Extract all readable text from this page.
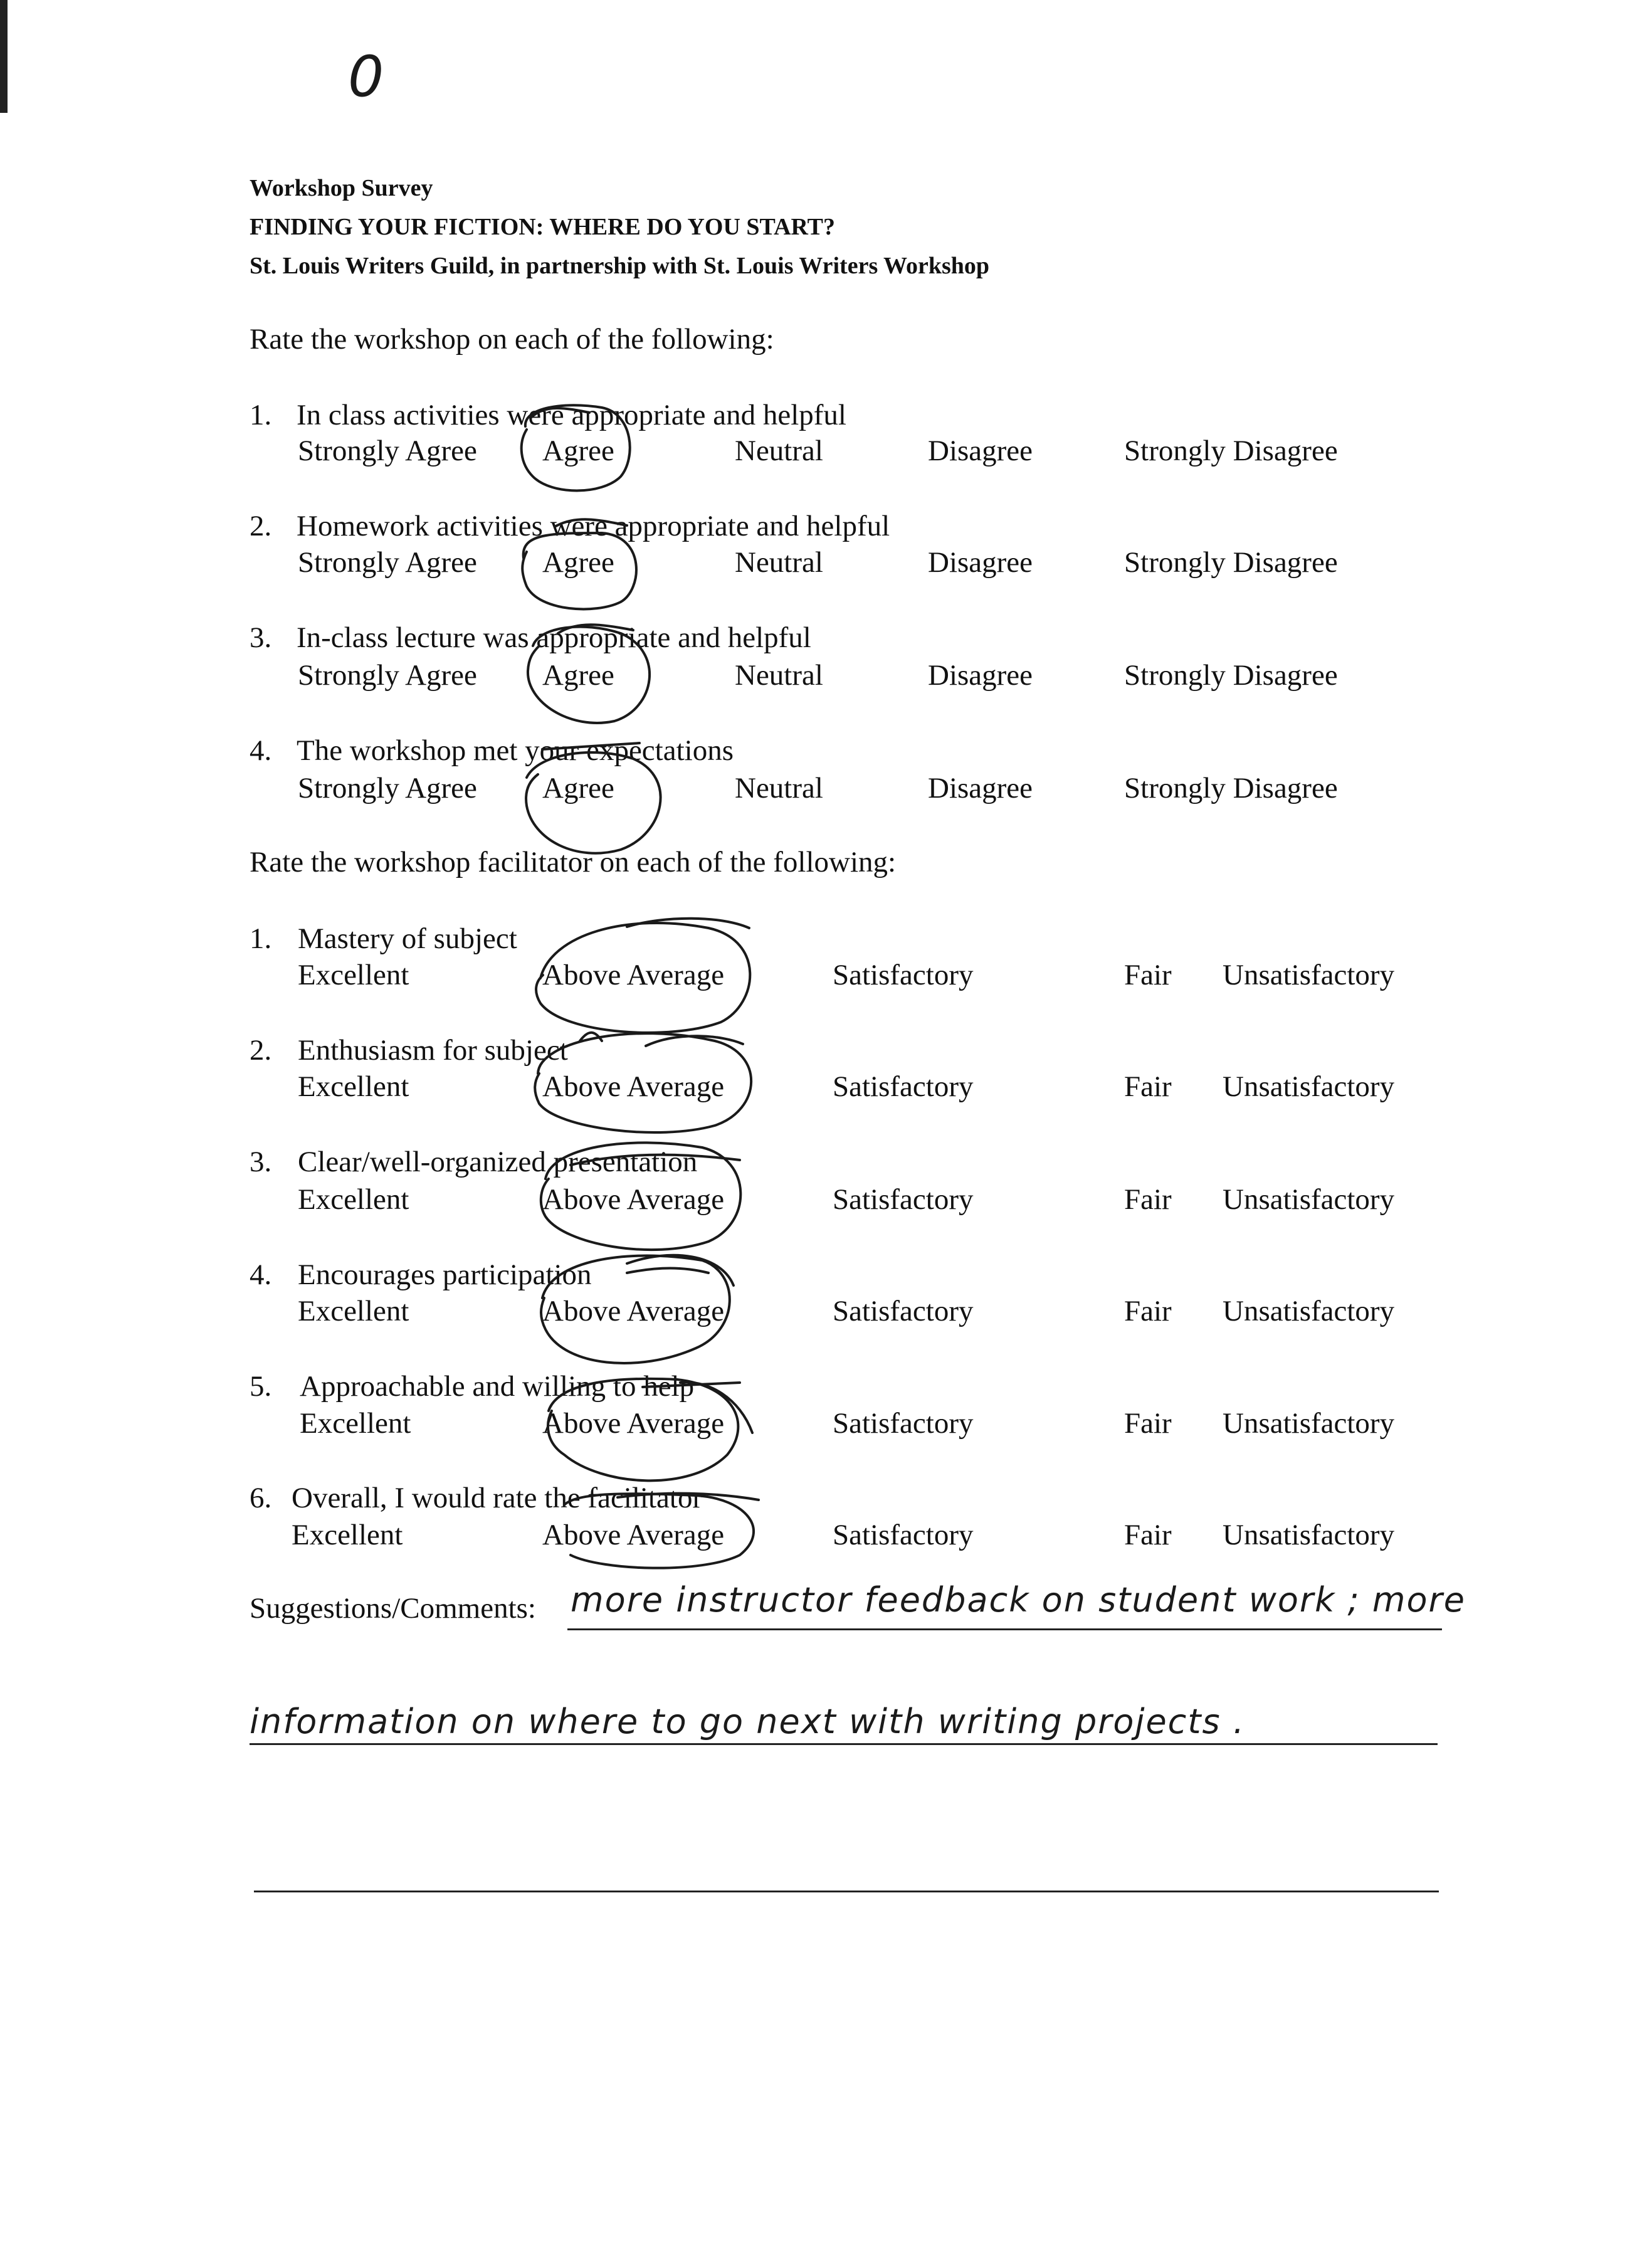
0
Workshop Survey
FINDING YOUR FICTION: WHERE DO YOU START?
St. Louis Writers Guild, in partnership with St. Louis Writers Workshop
Rate the workshop on each of the following:
1. In class activities were appropriate and helpful
Strongly Agree Agree	Neutral	Disagree	Strongly Disagree
2. Homework activities were appropriate and helpful
Strongly Agree Agree	Neutral	Disagree	Strongly Disagree
3. In-class lecture was appropriate and helpful
Strongly Agree Agree	Neutral	Disagree	Strongly Disagree
4. The workshop met your expectations
Strongly Agree Agree	Neutral	Disagree	Strongly Disagree
Rate the workshop facilitator on each of the following:
1. Mastery of subject
Excellent	Above Average	Satisfactory	Fair Unsatisfactory
2. Enthusiasm for subject
Excellent	Above Average	Satisfactory	Fair Unsatisfactory
3. Clear/well-organized presentation
Excellent	Above Average	Satisfactory	Fair Unsatisfactory
4. Encourages participation
Excellent	Above Average	Satisfactory	Fair Unsatisfactory
5. Approachable and willing to help
Excellent	Above Average	Satisfactory	Fair Unsatisfactory
6. Overall, I would rate the facilitator
Excellent	Above Average	Satisfactory	Fair Unsatisfactory
Suggestions/Comments: more instructor feedback on student work ; more
information on where to go next with writing projects .
